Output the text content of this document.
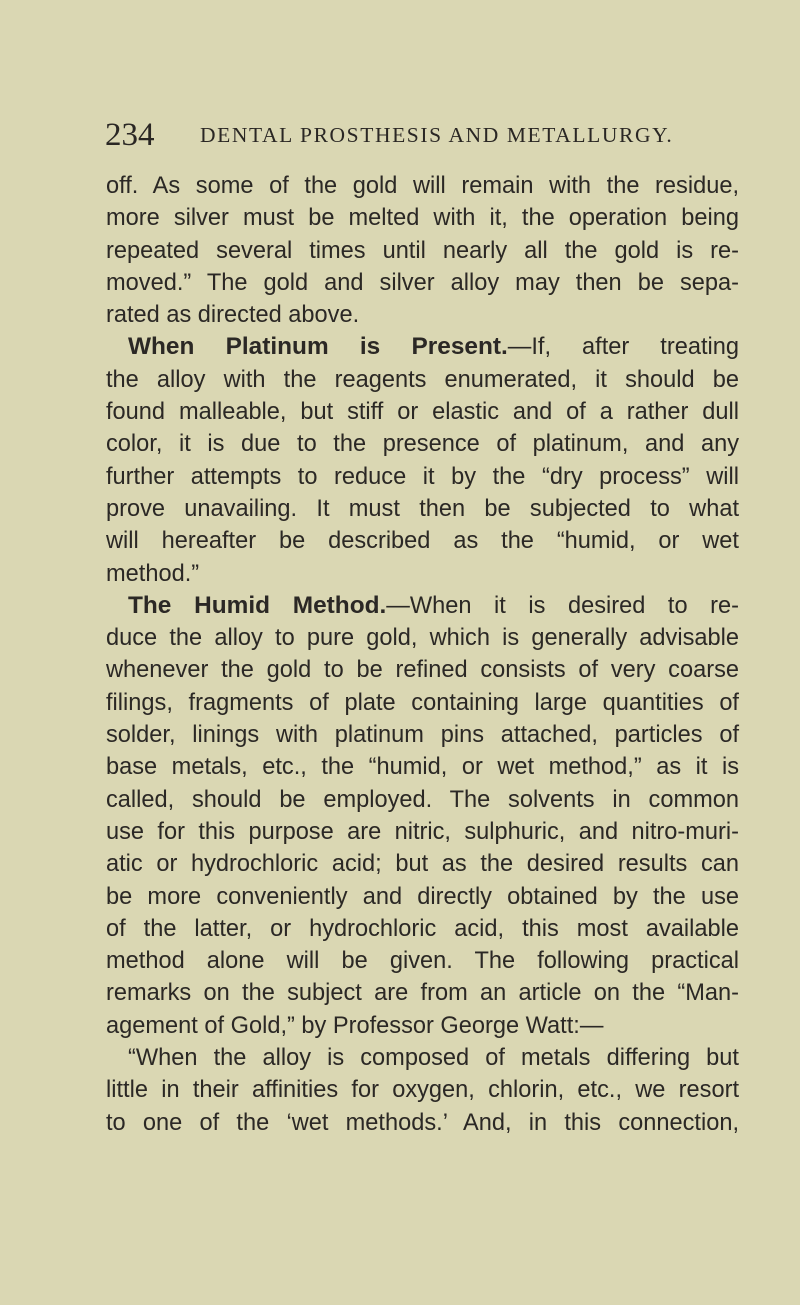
234 DENTAL PROSTHESIS AND METALLURGY.
off. As some of the gold will remain with the residue,
more silver must be melted with it, the operation being
repeated several times until nearly all the gold is re-
moved.” The gold and silver alloy may then be sepa-
rated as directed above.
When Platinum is Present.—If, after treating
the alloy with the reagents enumerated, it should be
found malleable, but stiff or elastic and of a rather dull
color, it is due to the presence of platinum, and any
further attempts to reduce it by the “dry process” will
prove unavailing. It must then be subjected to what
will hereafter be described as the “humid, or wet
method.”
The Humid Method.—When it is desired to re-
duce the alloy to pure gold, which is generally advisable
whenever the gold to be refined consists of very coarse
filings, fragments of plate containing large quantities of
solder, linings with platinum pins attached, particles of
base metals, etc., the “humid, or wet method,” as it is
called, should be employed. The solvents in common
use for this purpose are nitric, sulphuric, and nitro-muri-
atic or hydrochloric acid; but as the desired results can
be more conveniently and directly obtained by the use
of the latter, or hydrochloric acid, this most available
method alone will be given. The following practical
remarks on the subject are from an article on the “Man-
agement of Gold,” by Professor George Watt:—
“When the alloy is composed of metals differing but
little in their affinities for oxygen, chlorin, etc., we resort
to one of the ‘wet methods.’ And, in this connection,
